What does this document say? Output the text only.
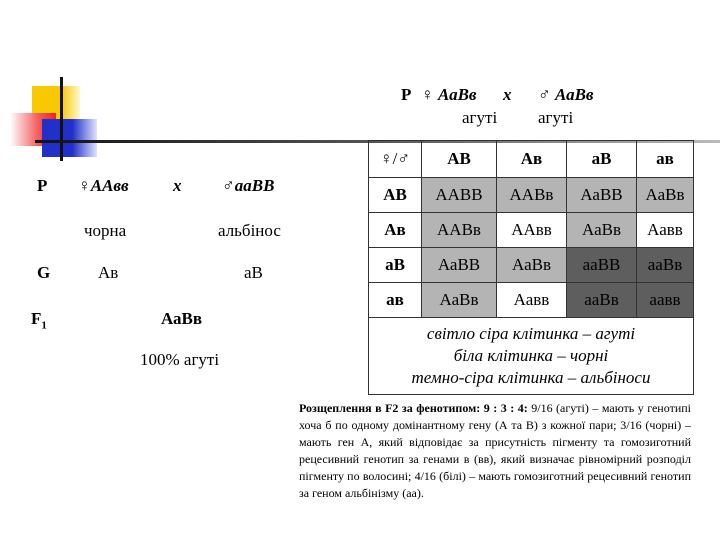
P ♀ АаВв x ♂ АаВв
агуті агуті
P ♀ААвв	x ♂ааВВ
чорна	альбінос
G	Ав	аВ
$F_1$	АаВв
100% агуті
♀/♂	АВ	Ав	аВ	ав
АВ	ААВВ	ААВв	АаВВ	АаВв
Ав	ААВв	ААвв	АаВв	Аавв
аВ	АаВВ	АаВв	ааВВ	ааВв
ав	АаВв	Аавв	ааВв	аавв

світло сіра клітинка – агуті
біла клітинка – чорні
темно-сіра клітинка – альбіноси				
Розщеплення в F2 за фенотипом: 9 : 3 : 4: 9/16 (агуті) – мають у генотипі хоча б по одному домінантному гену (А та В) з кожної пари; 3/16 (чорні) – мають ген А, який відповідає за присутність пігменту та гомозиготний рецесивний генотип за генами в (вв), який визначає рівномірний розподіл пігменту по волосині; 4/16 (білі) – мають гомозиготний рецесивний генотип за геном альбінізму (аа).
